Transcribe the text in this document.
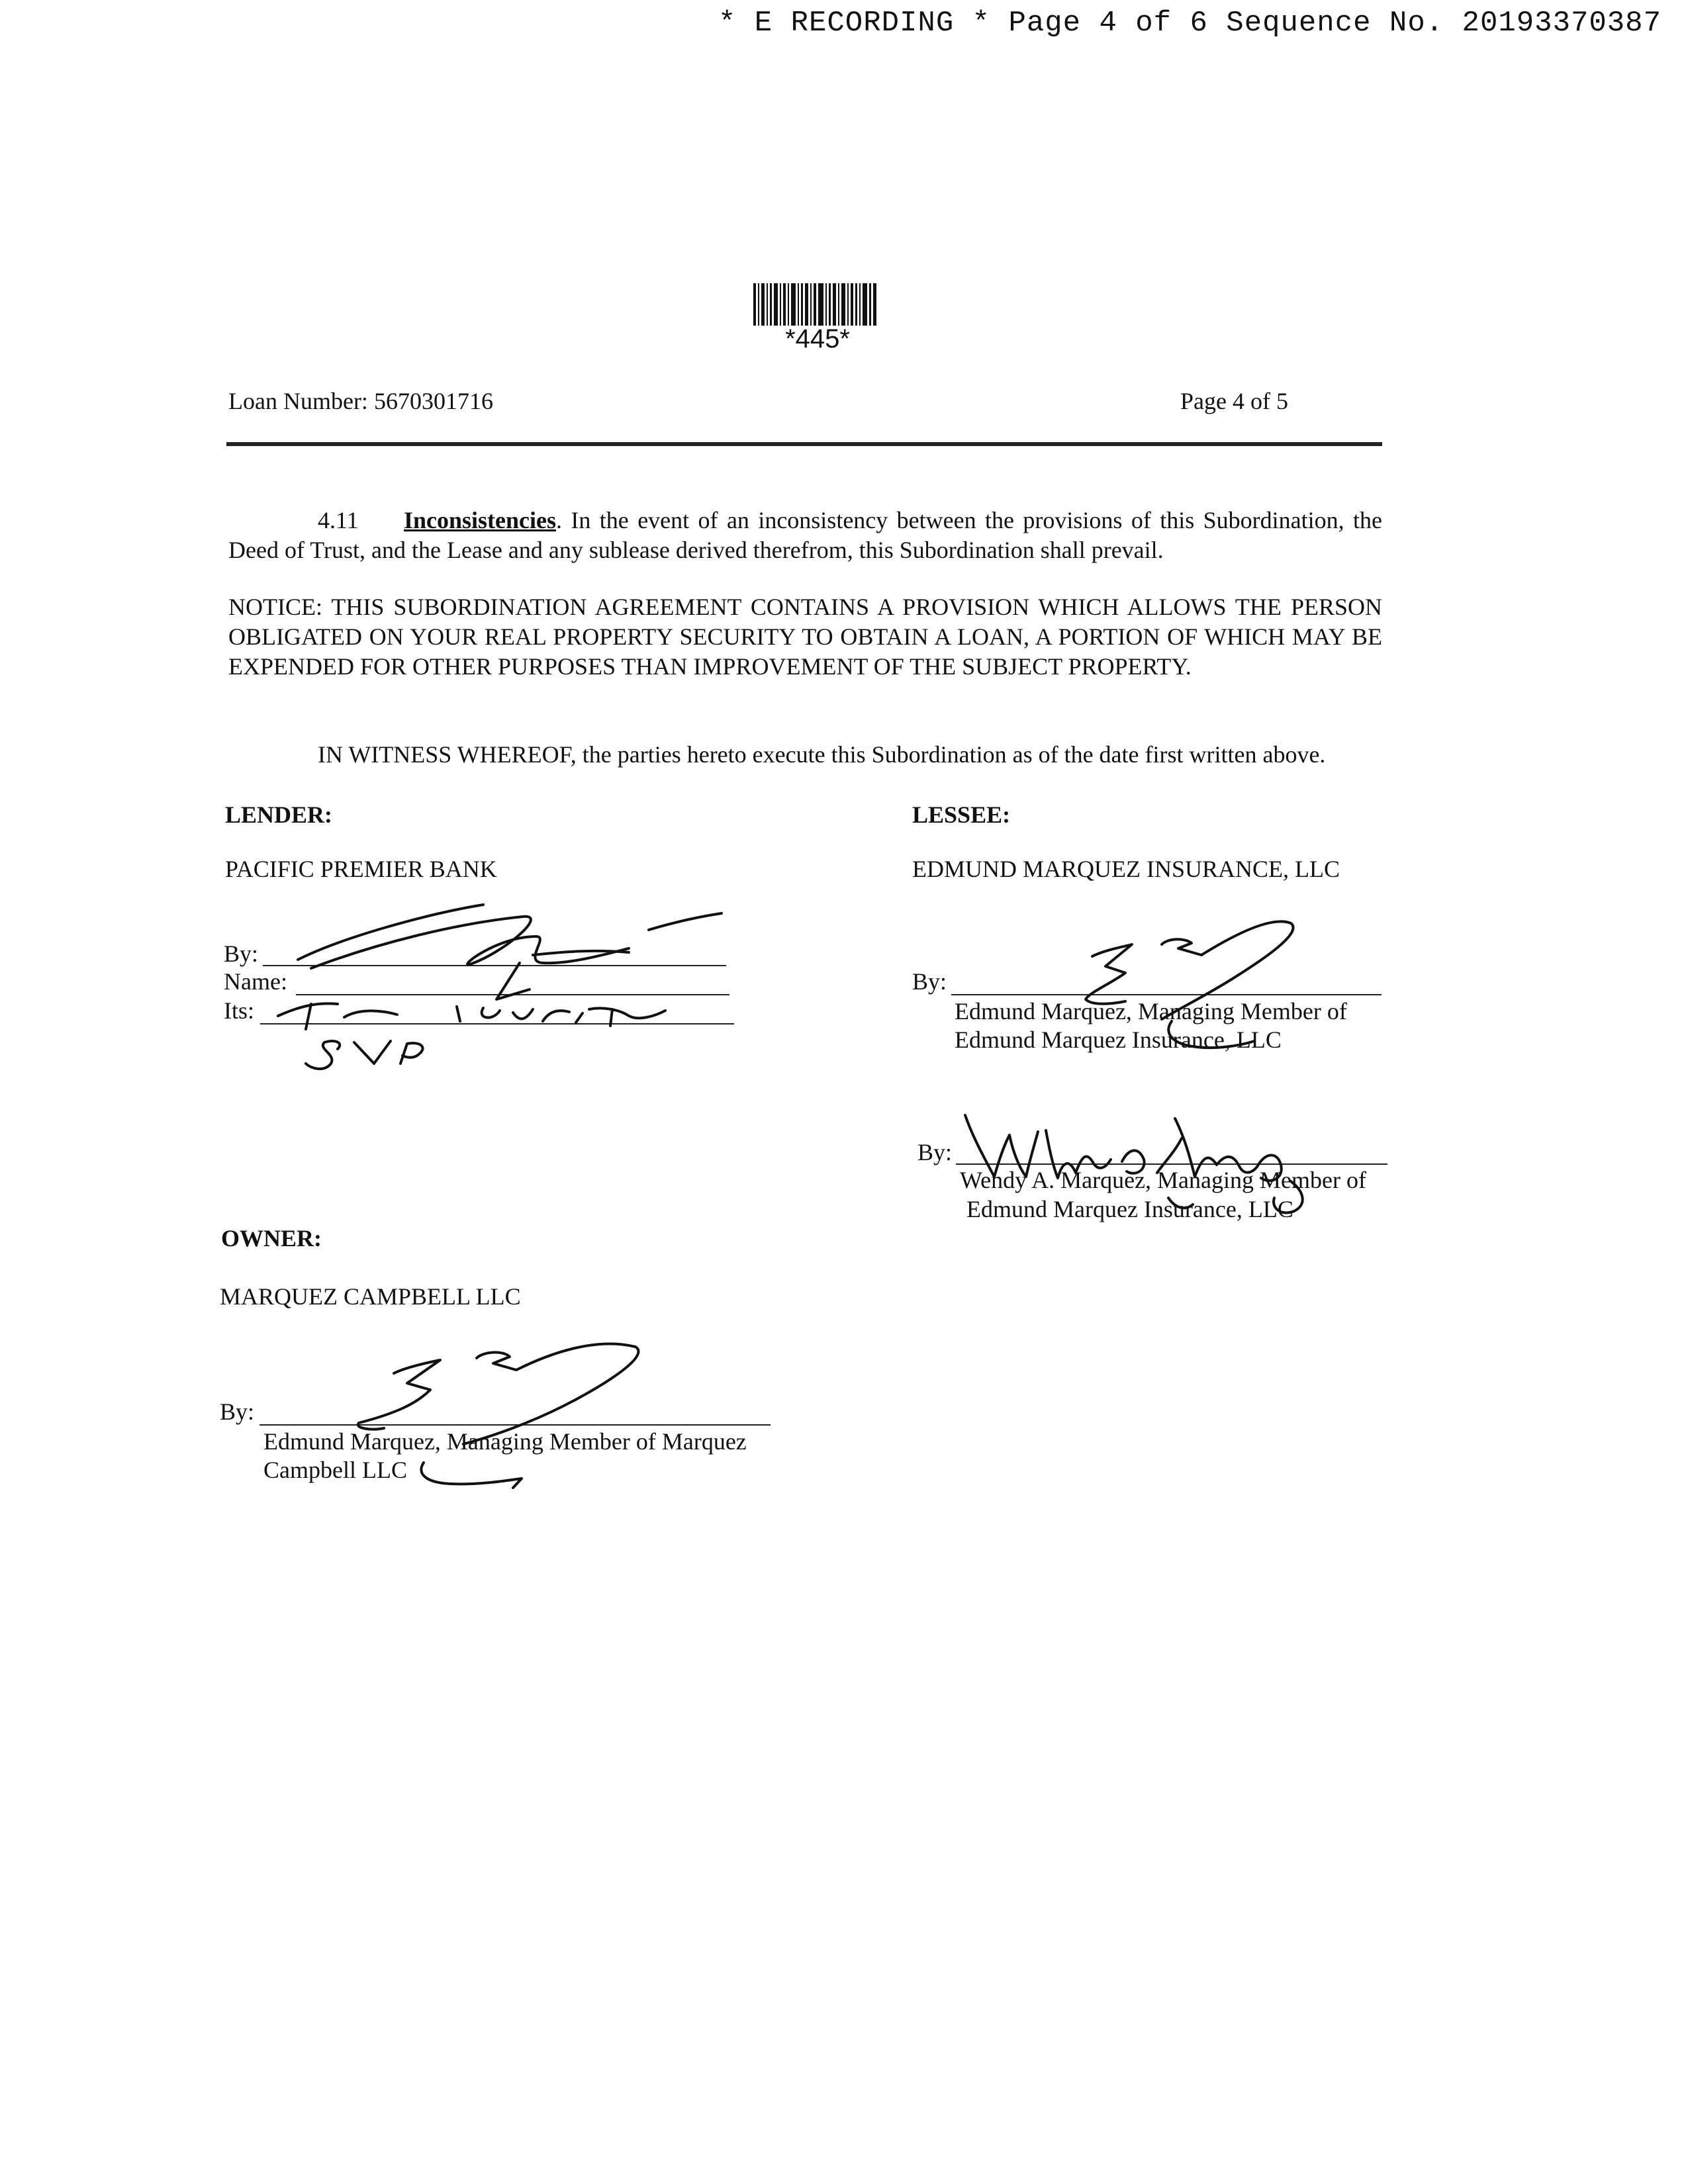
* E RECORDING * Page 4 of 6 Sequence No. 20193370387
*445*
Loan Number: 5670301716	Page 4 of 5
4.11 Inconsistencies. In the event of an inconsistency between the provisions of this Subordination, the Deed of Trust, and the Lease and any sublease derived therefrom, this Subordination shall prevail.
NOTICE: THIS SUBORDINATION AGREEMENT CONTAINS A PROVISION WHICH ALLOWS THE PERSON OBLIGATED ON YOUR REAL PROPERTY SECURITY TO OBTAIN A LOAN, A PORTION OF WHICH MAY BE EXPENDED FOR OTHER PURPOSES THAN IMPROVEMENT OF THE SUBJECT PROPERTY.
IN WITNESS WHEREOF, the parties hereto execute this Subordination as of the date first written above.
LENDER:
PACIFIC PREMIER BANK
By:
Name:
Its:
LESSEE:
EDMUND MARQUEZ INSURANCE, LLC
By:
Edmund Marquez, Managing Member of
Edmund Marquez Insurance, LLC
By:
Wendy A. Marquez, Managing Member of
Edmund Marquez Insurance, LLC
OWNER:
MARQUEZ CAMPBELL LLC
By:
Edmund Marquez, Managing Member of Marquez
Campbell LLC
